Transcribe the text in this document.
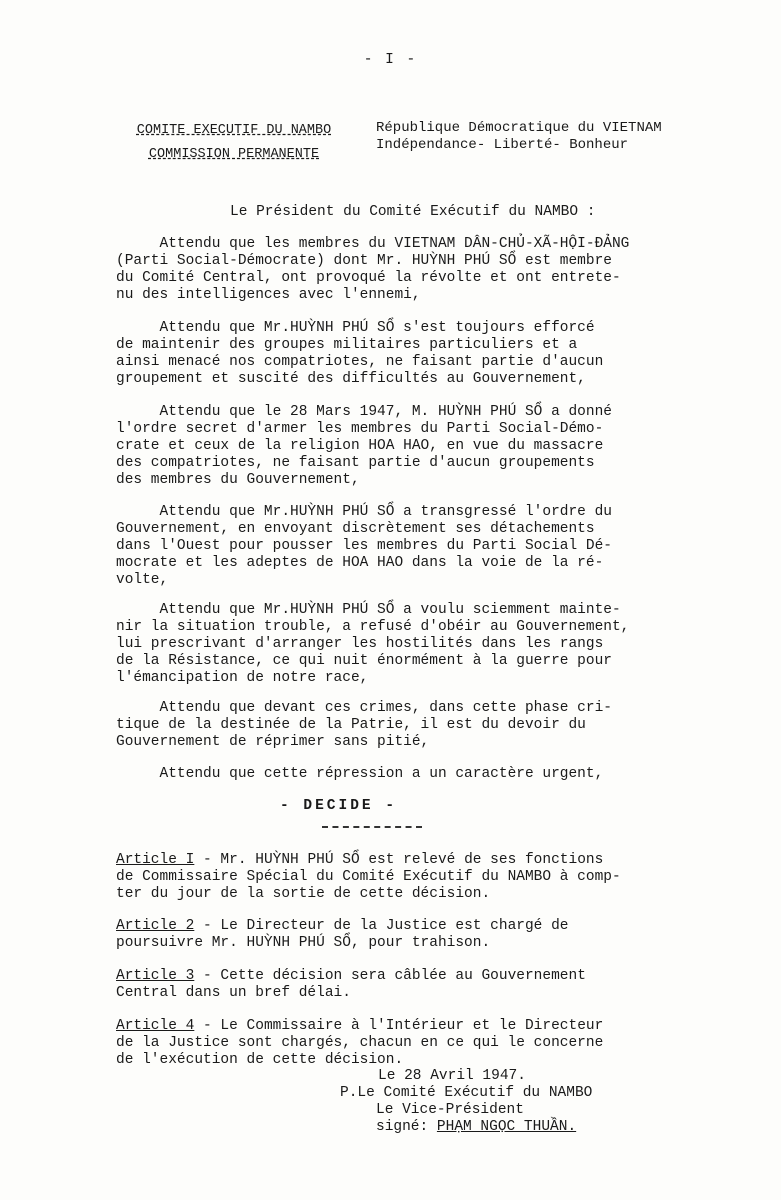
- I -
COMITE EXECUTIF DU NAMBO
COMMISSION PERMANENTE
République Démocratique du VIETNAM
Indépendance- Liberté- Bonheur
Le Président du Comité Exécutif du NAMBO :
Attendu que les membres du VIETNAM DÂN-CHỦ-XÃ-HỘI-ĐẢNG
(Parti Social-Démocrate) dont Mr. HUỲNH PHÚ SỔ est membre
du Comité Central, ont provoqué la révolte et ont entrete-
nu des intelligences avec l'ennemi,
Attendu que Mr.HUỲNH PHÚ SỔ s'est toujours efforcé
de maintenir des groupes militaires particuliers et a
ainsi menacé nos compatriotes, ne faisant partie d'aucun
groupement et suscité des difficultés au Gouvernement,
Attendu que le 28 Mars 1947, M. HUỲNH PHÚ SỔ a donné
l'ordre secret d'armer les membres du Parti Social-Démo-
crate et ceux de la religion HOA HAO, en vue du massacre
des compatriotes, ne faisant partie d'aucun groupements
des membres du Gouvernement,
Attendu que Mr.HUỲNH PHÚ SỔ a transgressé l'ordre du
Gouvernement, en envoyant discrètement ses détachements
dans l'Ouest pour pousser les membres du Parti Social Dé-
mocrate et les adeptes de HOA HAO dans la voie de la ré-
volte,
Attendu que Mr.HUỲNH PHÚ SỔ a voulu sciemment mainte-
nir la situation trouble, a refusé d'obéir au Gouvernement,
lui prescrivant d'arranger les hostilités dans les rangs
de la Résistance, ce qui nuit énormément à la guerre pour
l'émancipation de notre race,
Attendu que devant ces crimes, dans cette phase cri-
tique de la destinée de la Patrie, il est du devoir du
Gouvernement de réprimer sans pitié,
Attendu que cette répression a un caractère urgent,
- DECIDE -
Article I - Mr. HUỲNH PHÚ SỔ est relevé de ses fonctions
de Commissaire Spécial du Comité Exécutif du NAMBO à comp-
ter du jour de la sortie de cette décision.
Article 2 - Le Directeur de la Justice est chargé de
poursuivre Mr. HUỲNH PHÚ SỔ, pour trahison.
Article 3 - Cette décision sera câblée au Gouvernement
Central dans un bref délai.
Article 4 - Le Commissaire à l'Intérieur et le Directeur
de la Justice sont chargés, chacun en ce qui le concerne
de l'exécution de cette décision.
Le 28 Avril 1947.
P.Le Comité Exécutif du NAMBO
Le Vice-Président
signé: PHẠM NGỌC THUẦN.
